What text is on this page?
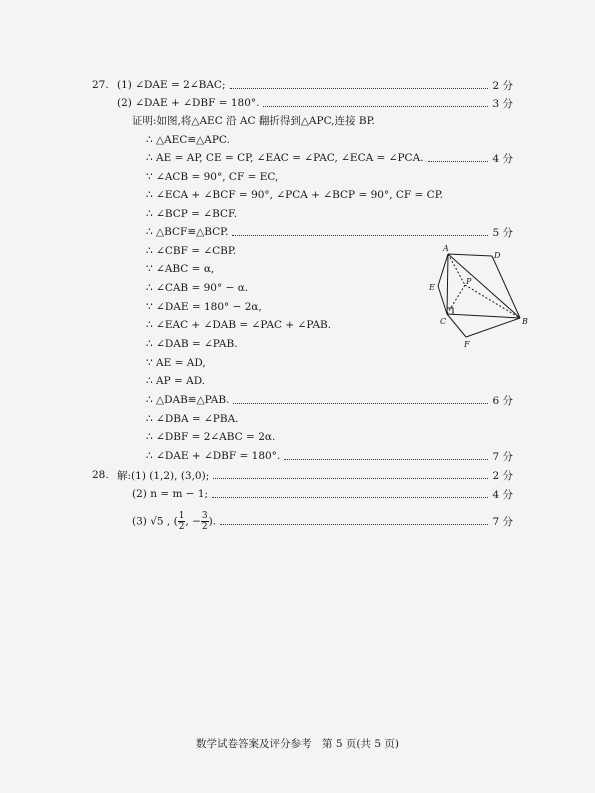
27. (1) ∠DAE = 2∠BAC;	2 分
(2) ∠DAE + ∠DBF = 180°.	3 分
证明:如图,将△AEC 沿 AC 翻折得到△APC,连接 BP.
∴ △AEC≌△APC.
∴ AE = AP, CE = CP, ∠EAC = ∠PAC, ∠ECA = ∠PCA.	4 分
∵ ∠ACB = 90°, CF = EC,
∴ ∠ECA + ∠BCF = 90°, ∠PCA + ∠BCP = 90°, CF = CP.
∴ ∠BCP = ∠BCF.
∴ △BCF≌△BCP.	5 分
∴ ∠CBF = ∠CBP.
∵ ∠ABC = α,
∴ ∠CAB = 90° − α.
∵ ∠DAE = 180° − 2α,
∴ ∠EAC + ∠DAB = ∠PAC + ∠PAB.
∴ ∠DAB = ∠PAB.
∵ AE = AD,
∴ AP = AD.
∴ △DAB≌△PAB.	6 分
∴ ∠DBA = ∠PBA.
∴ ∠DBF = 2∠ABC = 2α.
∴ ∠DAE + ∠DBF = 180°.	7 分
28. 解:(1) (1,2), (3,0);	2 分
(2) n = m − 1;	4 分
(3) √5 , ( $\frac{1}{2}$ , − $\frac{3}{2}$ ).	7 分
A
D
E
P
C	B
F
数学试卷答案及评分参考　第 5 页(共 5 页)
